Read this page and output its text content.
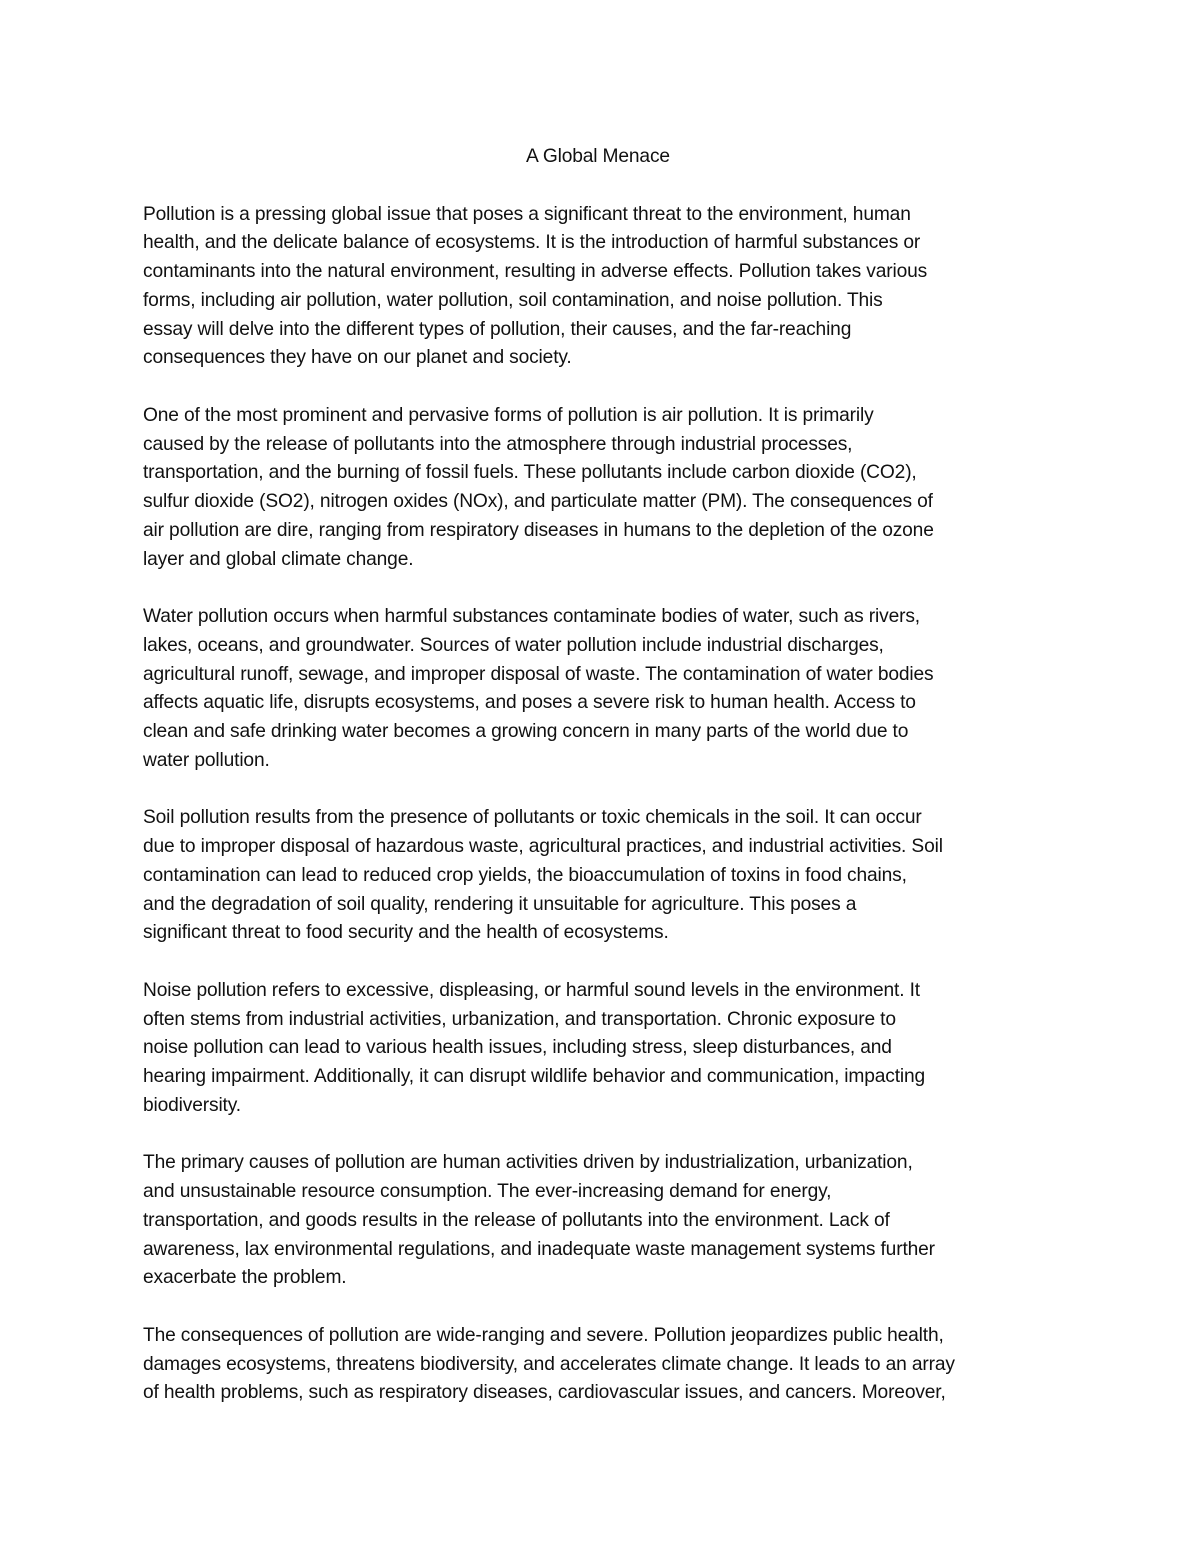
A Global Menace
Pollution is a pressing global issue that poses a significant threat to the environment, human
health, and the delicate balance of ecosystems. It is the introduction of harmful substances or
contaminants into the natural environment, resulting in adverse effects. Pollution takes various
forms, including air pollution, water pollution, soil contamination, and noise pollution. This
essay will delve into the different types of pollution, their causes, and the far-reaching
consequences they have on our planet and society.
One of the most prominent and pervasive forms of pollution is air pollution. It is primarily
caused by the release of pollutants into the atmosphere through industrial processes,
transportation, and the burning of fossil fuels. These pollutants include carbon dioxide (CO2),
sulfur dioxide (SO2), nitrogen oxides (NOx), and particulate matter (PM). The consequences of
air pollution are dire, ranging from respiratory diseases in humans to the depletion of the ozone
layer and global climate change.
Water pollution occurs when harmful substances contaminate bodies of water, such as rivers,
lakes, oceans, and groundwater. Sources of water pollution include industrial discharges,
agricultural runoff, sewage, and improper disposal of waste. The contamination of water bodies
affects aquatic life, disrupts ecosystems, and poses a severe risk to human health. Access to
clean and safe drinking water becomes a growing concern in many parts of the world due to
water pollution.
Soil pollution results from the presence of pollutants or toxic chemicals in the soil. It can occur
due to improper disposal of hazardous waste, agricultural practices, and industrial activities. Soil
contamination can lead to reduced crop yields, the bioaccumulation of toxins in food chains,
and the degradation of soil quality, rendering it unsuitable for agriculture. This poses a
significant threat to food security and the health of ecosystems.
Noise pollution refers to excessive, displeasing, or harmful sound levels in the environment. It
often stems from industrial activities, urbanization, and transportation. Chronic exposure to
noise pollution can lead to various health issues, including stress, sleep disturbances, and
hearing impairment. Additionally, it can disrupt wildlife behavior and communication, impacting
biodiversity.
The primary causes of pollution are human activities driven by industrialization, urbanization,
and unsustainable resource consumption. The ever-increasing demand for energy,
transportation, and goods results in the release of pollutants into the environment. Lack of
awareness, lax environmental regulations, and inadequate waste management systems further
exacerbate the problem.
The consequences of pollution are wide-ranging and severe. Pollution jeopardizes public health,
damages ecosystems, threatens biodiversity, and accelerates climate change. It leads to an array
of health problems, such as respiratory diseases, cardiovascular issues, and cancers. Moreover,
